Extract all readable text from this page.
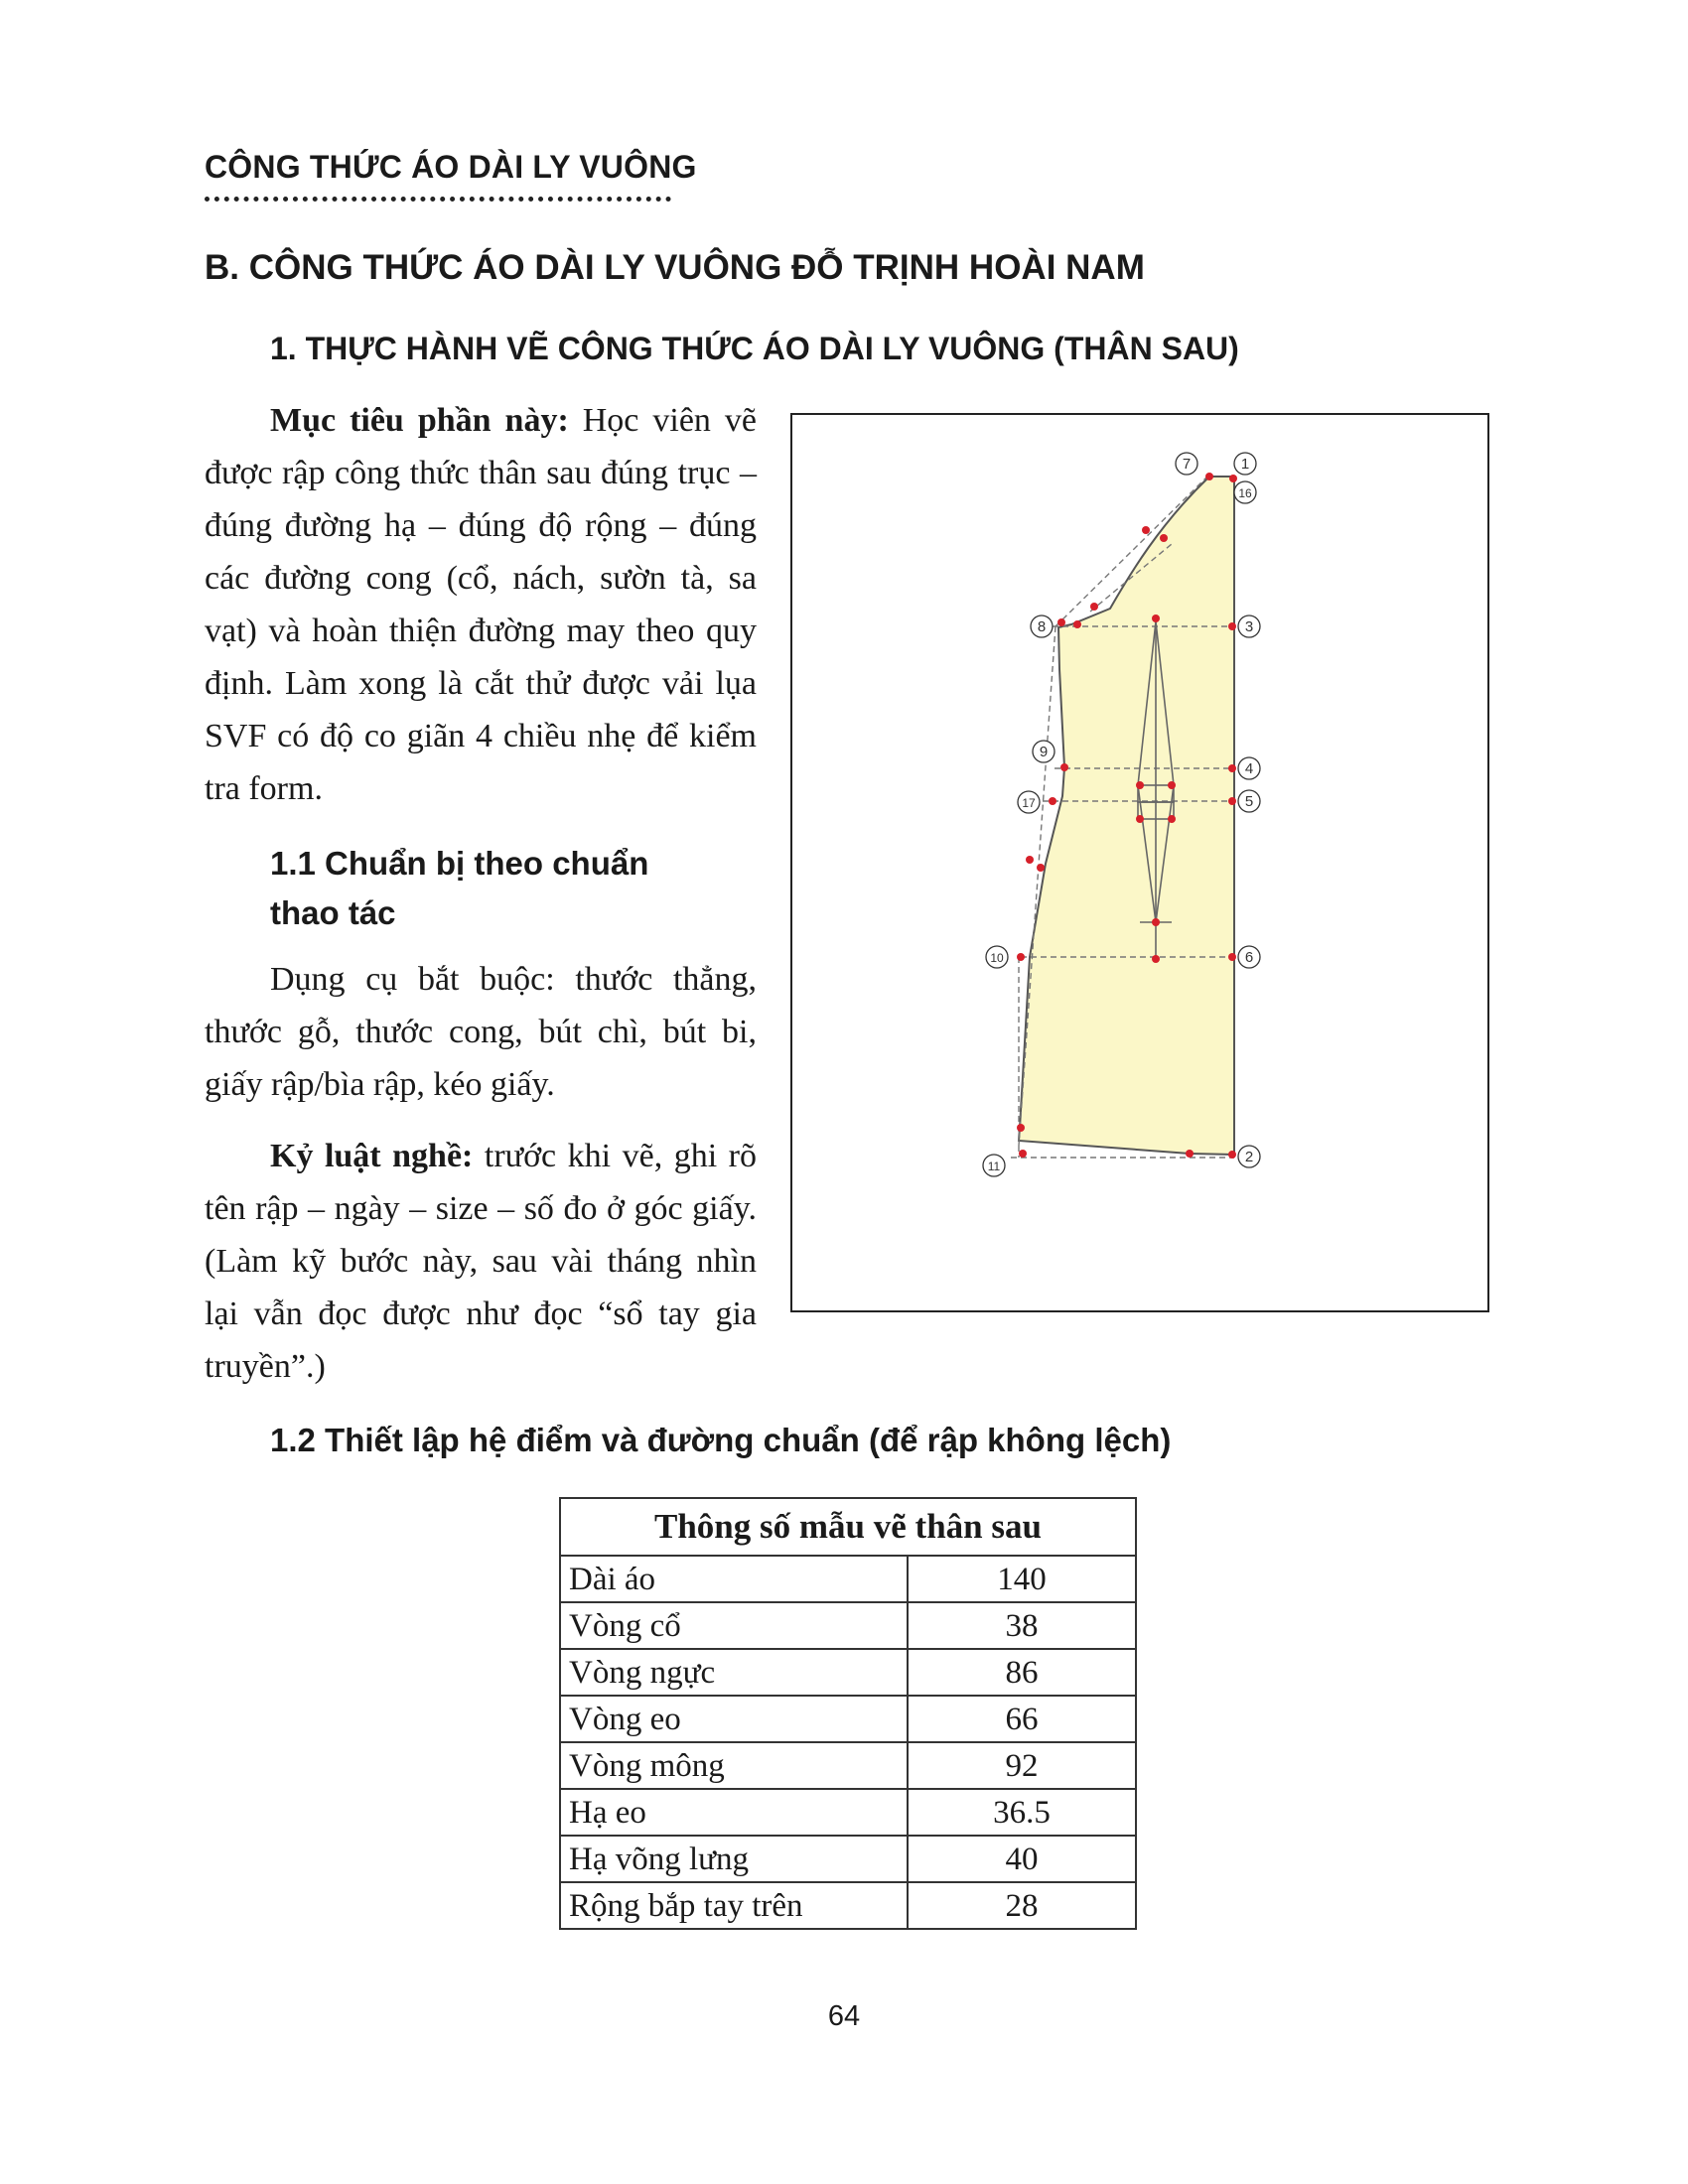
CÔNG THỨC ÁO DÀI LY VUÔNG
B. CÔNG THỨC ÁO DÀI LY VUÔNG ĐỖ TRỊNH HOÀI NAM
1. THỰC HÀNH VẼ CÔNG THỨC ÁO DÀI LY VUÔNG (THÂN SAU)

Mục tiêu phần này: Học viên vẽ được rập công thức thân sau đúng trục – đúng đường hạ – đúng độ rộng – đúng các đường cong (cổ, nách, sườn tà, sa vạt) và hoàn thiện đường may theo quy định. Làm xong là cắt thử được vải lụa SVF có độ co giãn 4 chiều nhẹ để kiểm tra form.

1.1 Chuẩn bị theo chuẩn thao tác

Dụng cụ bắt buộc: thước thẳng, thước gỗ, thước cong, bút chì, bút bi, giấy rập/bìa rập, kéo giấy.

Kỷ luật nghề: trước khi vẽ, ghi rõ tên rập – ngày – size – số đo ở góc giấy. (Làm kỹ bước này, sau vài tháng nhìn lại vẫn đọc được như đọc “sổ tay gia truyền”.)

7	1
16
8	3
9
4
17	5
10	6
11
2
1.2 Thiết lập hệ điểm và đường chuẩn (để rập không lệch)
Thông số mẫu vẽ thân sau	
Dài áo	140
Vòng cổ	38
Vòng ngực	86
Vòng eo	66
Vòng mông	92
Hạ eo	36.5
Hạ võng lưng	40
Rộng bắp tay trên	28
64
